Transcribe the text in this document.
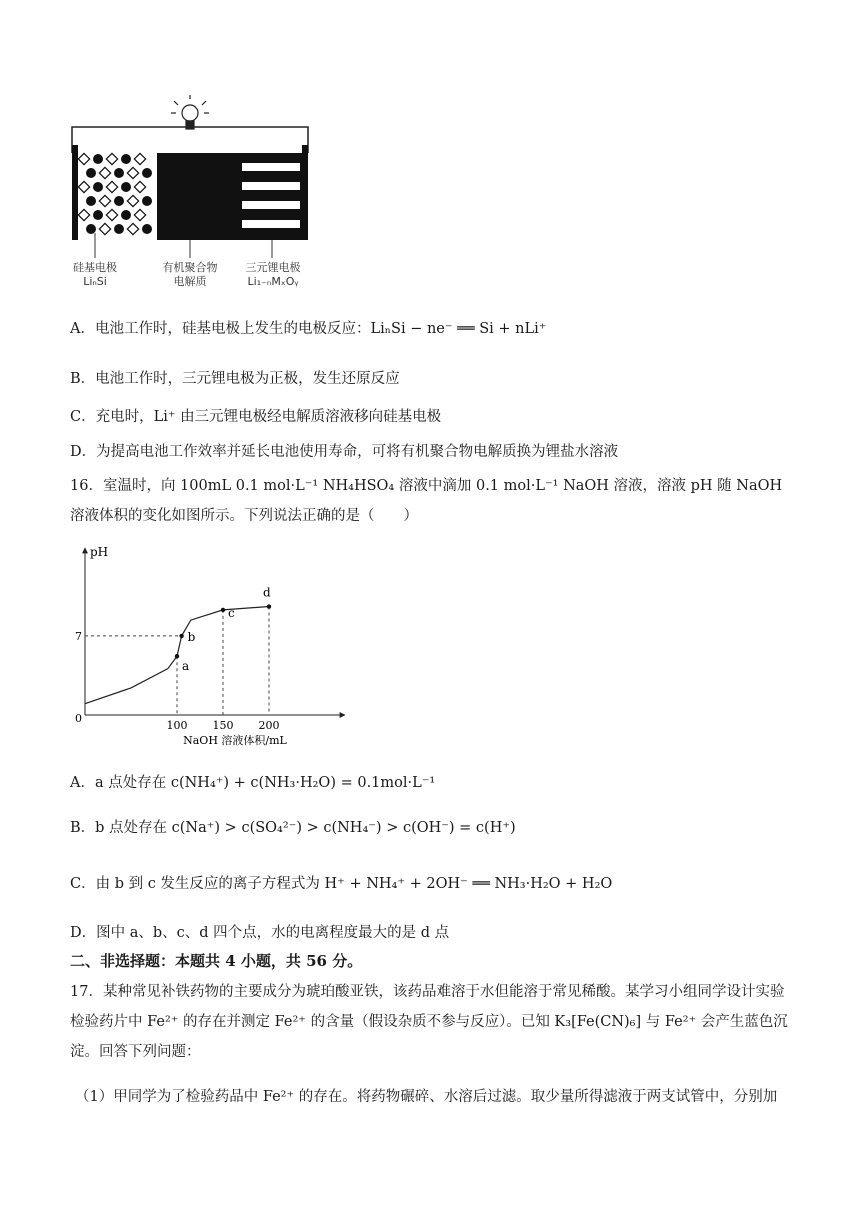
硅基电极
LiₙSi
有机聚合物
电解质
三元锂电极
Li₁₋ₙMₓOᵧ
A．电池工作时，硅基电极上发生的电极反应：LiₙSi − ne⁻ ══ Si + nLi⁺
B．电池工作时，三元锂电极为正极，发生还原反应
C．充电时，Li⁺ 由三元锂电极经电解质溶液移向硅基电极
D．为提高电池工作效率并延长电池使用寿命，可将有机聚合物电解质换为锂盐水溶液
16．室温时，向 100mL 0.1 mol·L⁻¹ NH₄HSO₄ 溶液中滴加 0.1 mol·L⁻¹ NaOH 溶液，溶液 pH 随 NaOH 溶液体积的变化如图所示。下列说法正确的是（　　）
pH
NaOH 溶液体积/mL
0
7
100 150 200
a
b
c
d
A．a 点处存在 c(NH₄⁺) + c(NH₃·H₂O) = 0.1mol·L⁻¹
B．b 点处存在 c(Na⁺) > c(SO₄²⁻) > c(NH₄⁻) > c(OH⁻) = c(H⁺)
C．由 b 到 c 发生反应的离子方程式为 H⁺ + NH₄⁺ + 2OH⁻ ══ NH₃·H₂O + H₂O
D．图中 a、b、c、d 四个点，水的电离程度最大的是 d 点
二、非选择题：本题共 4 小题，共 56 分。
17．某种常见补铁药物的主要成分为琥珀酸亚铁，该药品难溶于水但能溶于常见稀酸。某学习小组同学设计实验检验药片中 Fe²⁺ 的存在并测定 Fe²⁺ 的含量（假设杂质不参与反应）。已知 K₃[Fe(CN)₆] 与 Fe²⁺ 会产生蓝色沉淀。回答下列问题：
（1）甲同学为了检验药品中 Fe²⁺ 的存在。将药物碾碎、水溶后过滤。取少量所得滤液于两支试管中，分别加
